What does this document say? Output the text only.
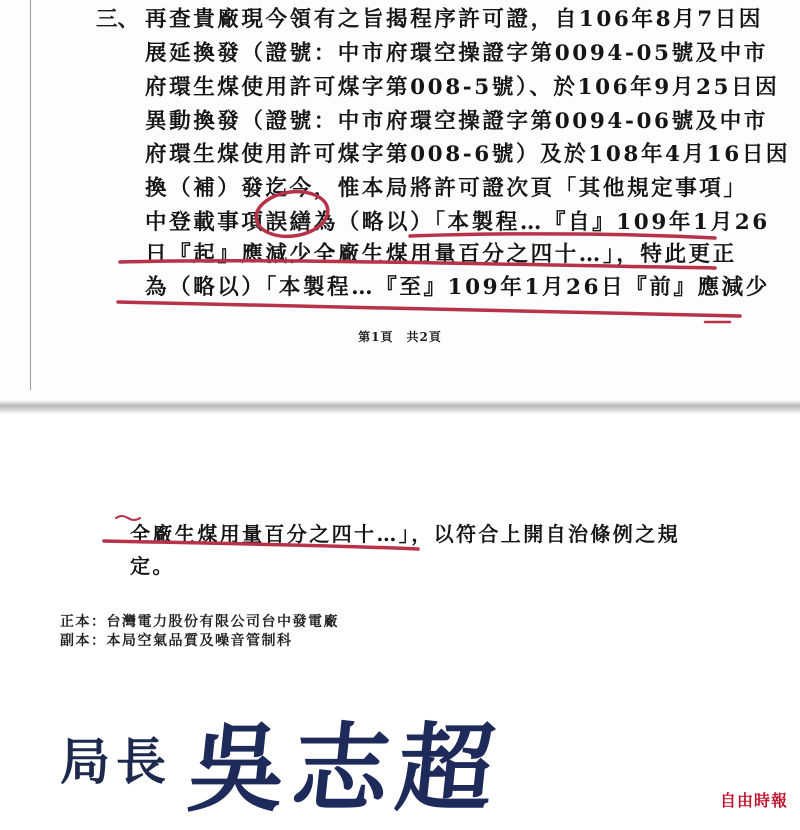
三、 再查貴廠現今領有之旨揭程序許可證，自106年8月7日因
展延換發（證號：中市府環空操證字第0094-05號及中市
府環生煤使用許可煤字第008-5號）、於106年9月25日因
異動換發（證號：中市府環空操證字第0094-06號及中市
府環生煤使用許可煤字第008-6號）及於108年4月16日因
換（補）發迄今，惟本局將許可證次頁「其他規定事項」
中登載事項誤繕為（略以）「本製程…『自』109年1月26
日『起』應減少全廠生煤用量百分之四十…」，特此更正
為（略以）「本製程…『至』109年1月26日『前』應減少
第1頁　共2頁
全廠生煤用量百分之四十…」，以符合上開自治條例之規
定。
正本：台灣電力股份有限公司台中發電廠
副本：本局空氣品質及噪音管制科
局長 吳志超	自由時報
